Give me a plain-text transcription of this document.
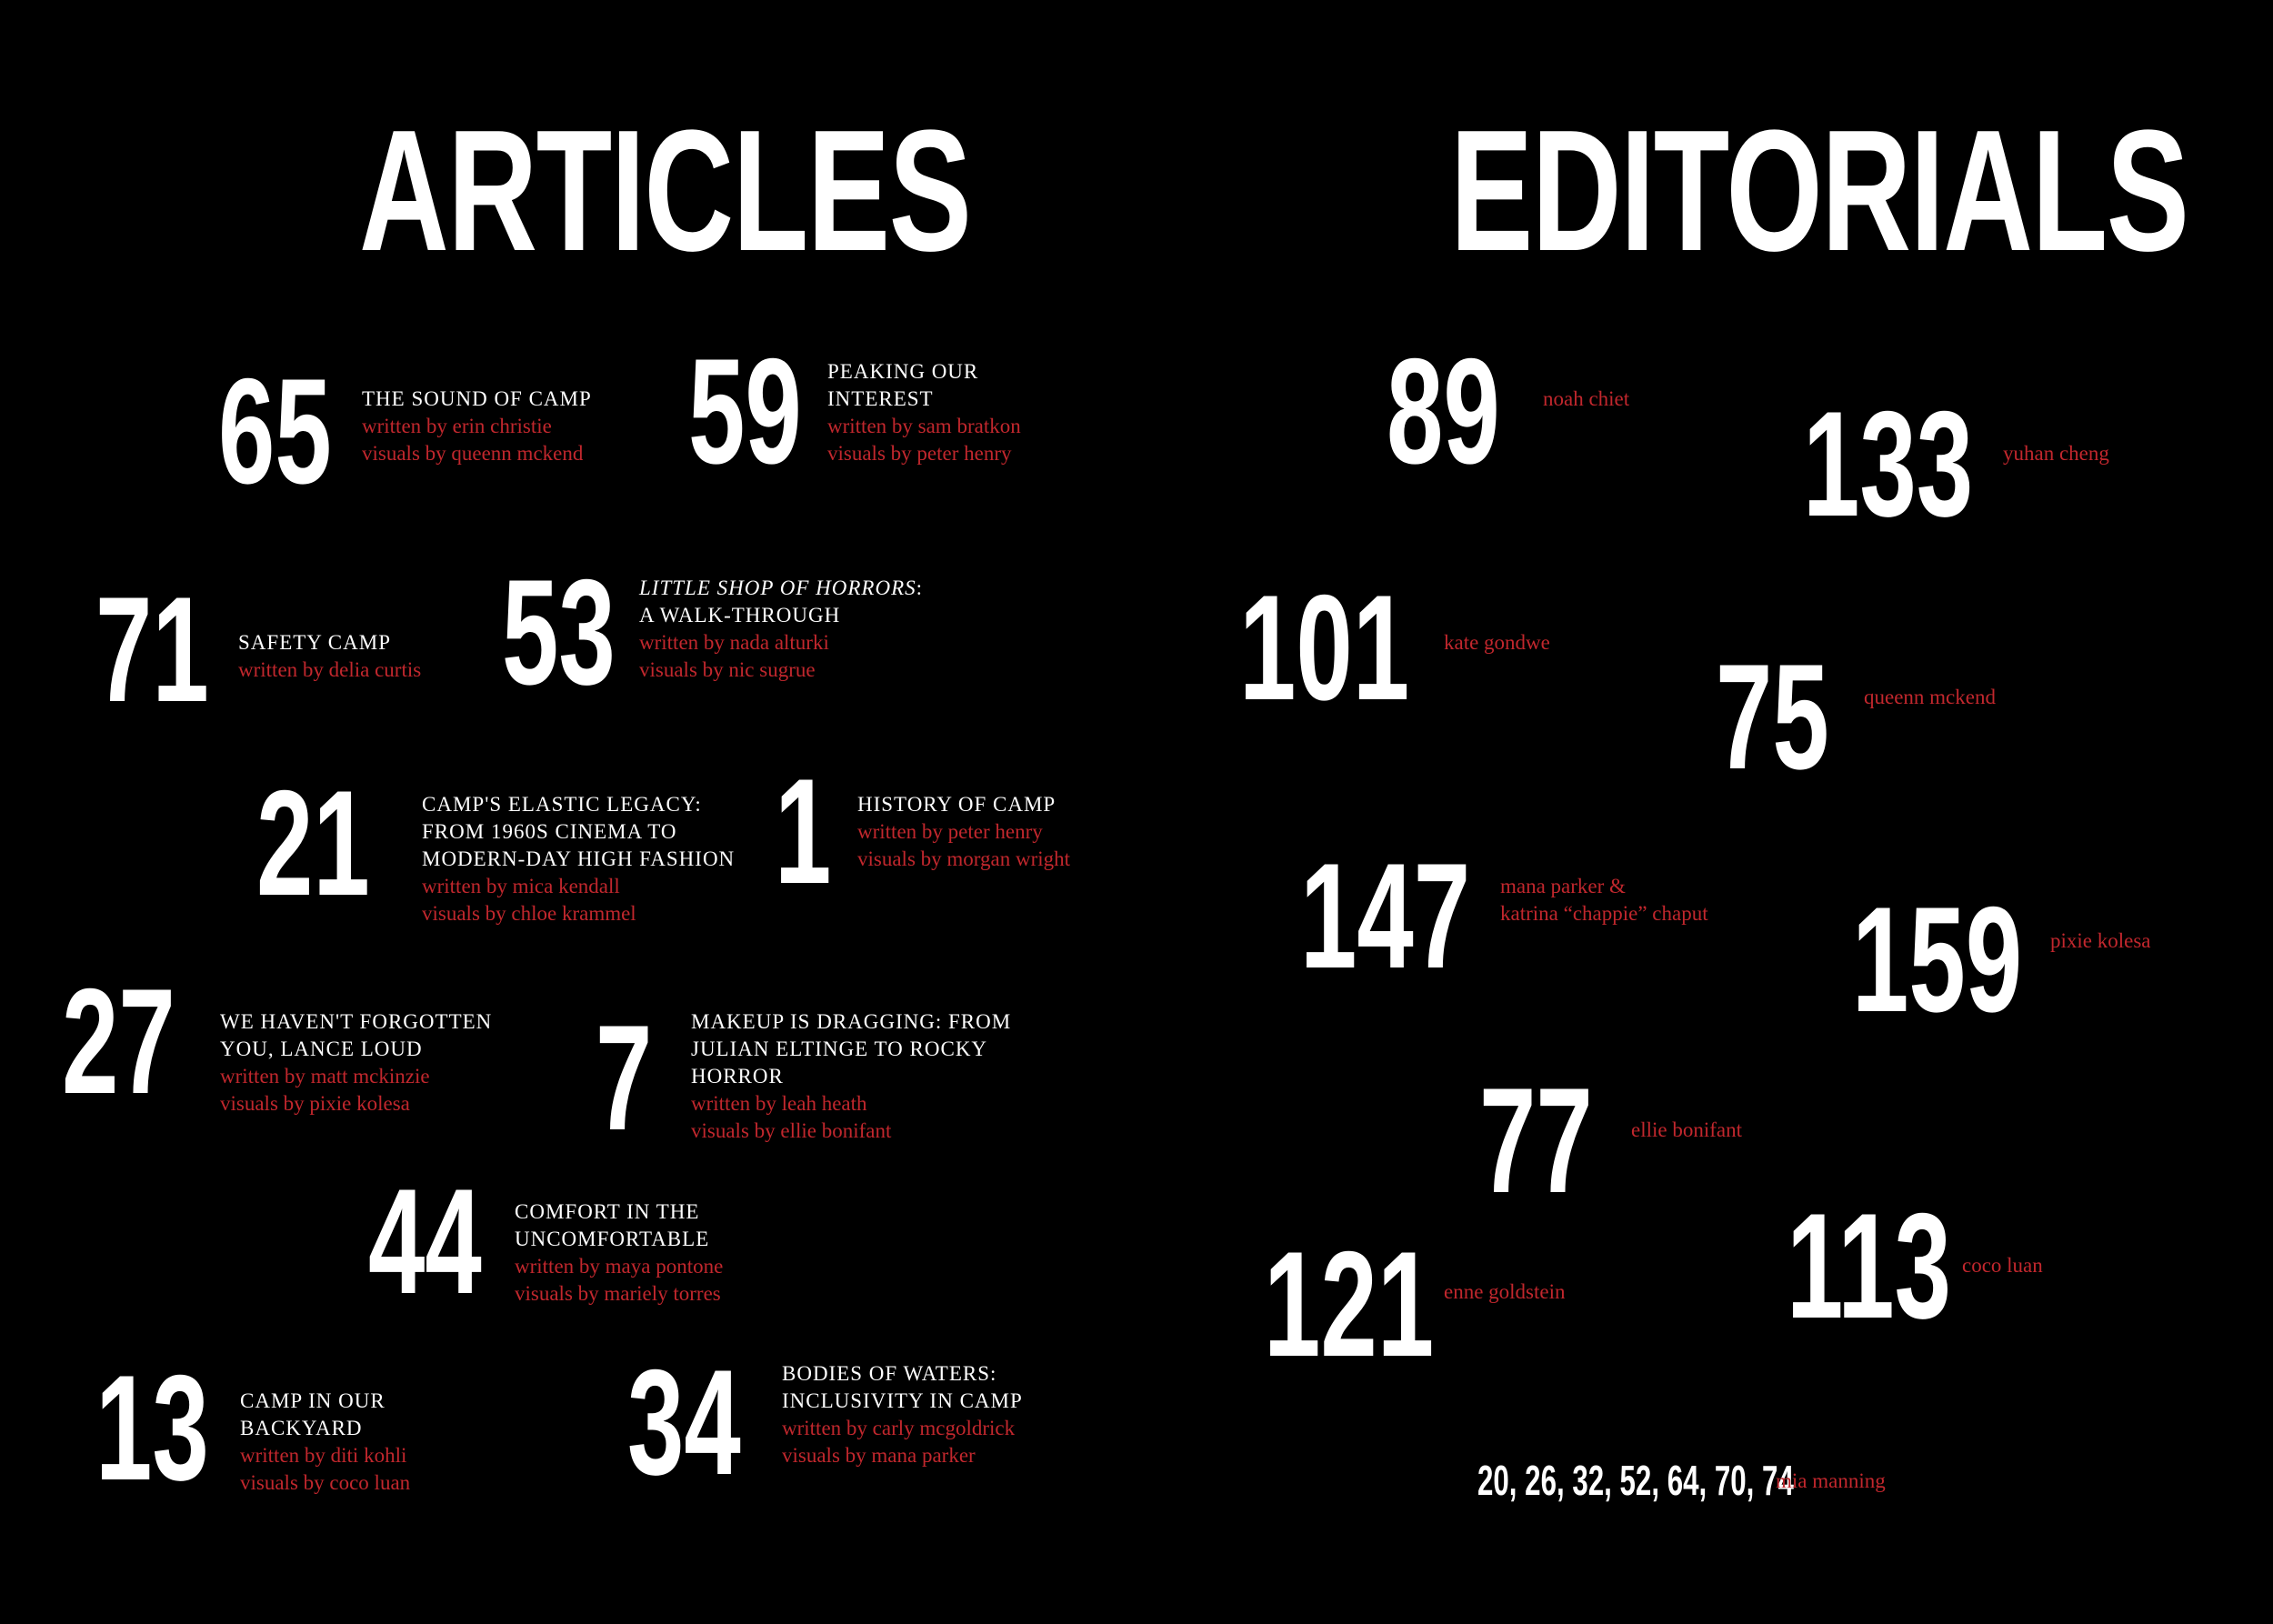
ARTICLES	EDITORIALS
65 THE SOUND OF CAMP
written by erin christie
visuals by queenn mckend 59 PEAKING OUR
INTEREST
written by sam bratkon
visuals by peter henry
71 SAFETY CAMP
written by delia curtis 53 LITTLE SHOP OF HORRORS:
A WALK-THROUGH
written by nada alturki
visuals by nic sugrue
21 CAMP'S ELASTIC LEGACY:
FROM 1960S CINEMA TO
MODERN-DAY HIGH FASHION
written by mica kendall
visuals by chloe krammel 1 HISTORY OF CAMP
written by peter henry
visuals by morgan wright
27 WE HAVEN'T FORGOTTEN
YOU, LANCE LOUD
written by matt mckinzie
visuals by pixie kolesa	7 MAKEUP IS DRAGGING: FROM
JULIAN ELTINGE TO ROCKY
HORROR
written by leah heath
visuals by ellie bonifant
44 COMFORT IN THE
UNCOMFORTABLE
written by maya pontone
visuals by mariely torres
13 CAMP IN OUR
BACKYARD
written by diti kohli
visuals by coco luan 34 BODIES OF WATERS:
INCLUSIVITY IN CAMP
written by carly mcgoldrick
visuals by mana parker
89 noah chiet 133 yuhan cheng
101 kate gondwe 75 queenn mckend
147 mana parker &
katrina “chappie” chaput 159 pixie kolesa
77 ellie bonifant
121 enne goldstein 113 coco luan
20, 26, 32, 52, 64, 70, 74
mia manning
